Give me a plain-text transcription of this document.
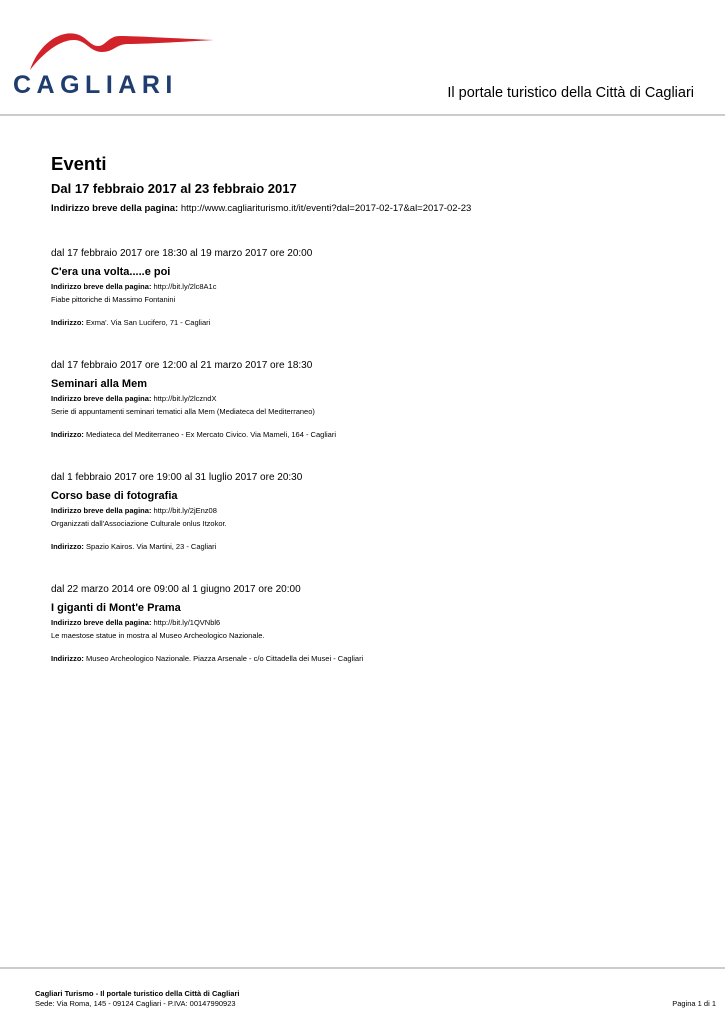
CAGLIARI	Il portale turistico della Città di Cagliari
Eventi
Dal 17 febbraio 2017 al 23 febbraio 2017
Indirizzo breve della pagina: http://www.cagliariturismo.it/it/eventi?dal=2017-02-17&al=2017-02-23
dal 17 febbraio 2017 ore 18:30 al 19 marzo 2017 ore 20:00
C'era una volta.....e poi
Indirizzo breve della pagina: http://bit.ly/2lc8A1c
Fiabe pittoriche di Massimo Fontanini
Indirizzo: Exma'. Via San Lucifero, 71 - Cagliari
dal 17 febbraio 2017 ore 12:00 al 21 marzo 2017 ore 18:30
Seminari alla Mem
Indirizzo breve della pagina: http://bit.ly/2lczndX
Serie di appuntamenti seminari tematici alla Mem (Mediateca del Mediterraneo)
Indirizzo: Mediateca del Mediterraneo - Ex Mercato Civico. Via Mameli, 164 - Cagliari
dal 1 febbraio 2017 ore 19:00 al 31 luglio 2017 ore 20:30
Corso base di fotografia
Indirizzo breve della pagina: http://bit.ly/2jEnz08
Organizzati dall'Associazione Culturale onlus Itzokor.
Indirizzo: Spazio Kairos. Via Martini, 23 - Cagliari
dal 22 marzo 2014 ore 09:00 al 1 giugno 2017 ore 20:00
I giganti di Mont'e Prama
Indirizzo breve della pagina: http://bit.ly/1QVNbl6
Le maestose statue in mostra al Museo Archeologico Nazionale.
Indirizzo: Museo Archeologico Nazionale. Piazza Arsenale - c/o Cittadella dei Musei - Cagliari
Cagliari Turismo - Il portale turistico della Città di Cagliari
Sede: Via Roma, 145 - 09124 Cagliari - P.IVA: 00147990923	Pagina 1 di 1
